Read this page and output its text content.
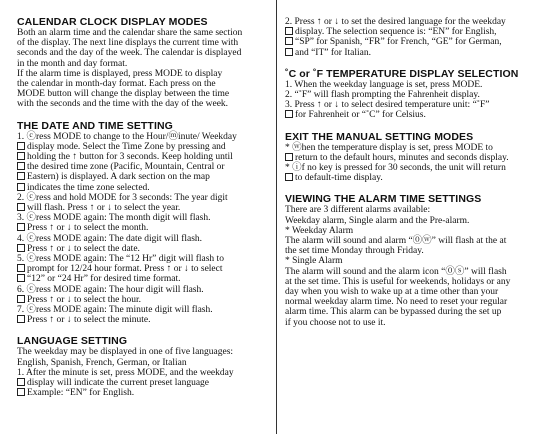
CALENDAR CLOCK DISPLAY MODES

Both an alarm time and the calendar share the same section

of the display. The next line displays the current time with

seconds and the day of the week. The calendar is displayed

in the month and day format.

If the alarm time is displayed, press MODE to display

the calendar in month-day format. Each press on the

MODE button will change the display between the time

with the seconds and the time with the day of the week.

THE DATE AND TIME SETTING

1. ⓒress MODE to change to the Hour/ⓜinute/ Weekday

display mode. Select the Time Zone by pressing and

holding the ↑ button for 3 seconds. Keep holding until

the desired time zone (Pacific, Mountain, Central or

Eastern) is displayed. A dark section on the map

indicates the time zone selected.

2. ⓒress and hold MODE for 3 seconds: The year digit

will flash. Press ↑ or ↓ to select the year.

3. ⓒress MODE again: The month digit will flash.

Press ↑ or ↓ to select the month.

4. ⓒress MODE again: The date digit will flash.

Press ↑ or ↓ to select the date.

5. ⓒress MODE again: The “12 Hr” digit will flash to

prompt for 12/24 hour format. Press ↑ or ↓ to select

“12” or “24 Hr” for desired time format.

6. ⓒress MODE again: The hour digit will flash.

Press ↑ or ↓ to select the hour.

7. ⓒress MODE again: The minute digit will flash.

Press ↑ or ↓ to select the minute.

LANGUAGE SETTING

The weekday may be displayed in one of five languages:

English, Spanish, French, German, or Italian

1. After the minute is set, press MODE, and the weekday

display will indicate the current preset language

Example: “EN” for English.

2. Press ↑ or ↓ to set the desired language for the weekday

display. The selection sequence is: “EN” for English,

“SP” for Spanish, “FR” for French, “GE” for German,

and “IT” for Italian.

˚C or ˚F TEMPERATURE DISPLAY SELECTION

1. When the weekday language is set, press MODE.

2. “˚F” will flash prompting the Fahrenheit display.

3. Press ↑ or ↓ to select desired temperature unit: “˚F”

for Fahrenheit or “˚C” for Celsius.

EXIT THE MANUAL SETTING MODES

* ⓦhen the temperature display is set, press MODE to

return to the default hours, minutes and seconds display.

* ⓘf no key is pressed for 30 seconds, the unit will return

to default-time display.

VIEWING THE ALARM TIME SETTINGS

There are 3 different alarms available:

Weekday alarm, Single alarm and the Pre-alarm.

* Weekday Alarm

The alarm will sound and alarm “⓪ⓦ” will flash at the at

the set time Monday through Friday.

* Single Alarm

The alarm will sound and the alarm icon “⓪ⓢ” will flash

at the set time. This is useful for weekends, holidays or any

day when you wish to wake up at a time other than your

normal weekday alarm time. No need to reset your regular

alarm time. This alarm can be bypassed during the set up

if you choose not to use it.
